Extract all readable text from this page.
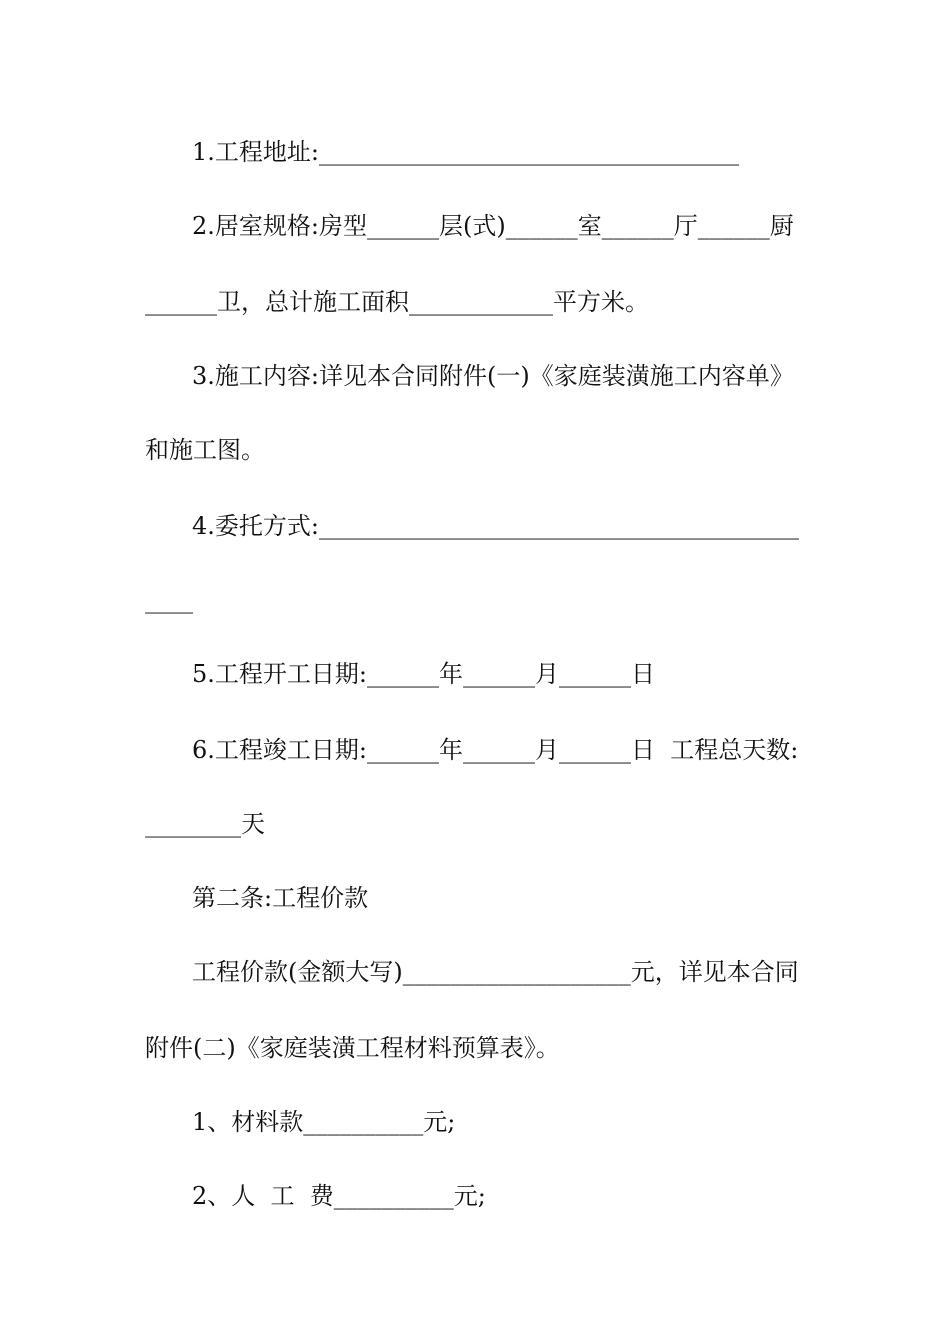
1.工程地址:___________________________________
2.居室规格:房型______层(式)______室______厅______厨
______卫，总计施工面积____________平方米。
3.施工内容:详见本合同附件(一)《家庭装潢施工内容单》
和施工图。
4.委托方式:________________________________________
____
5.工程开工日期:______年______月______日
6.工程竣工日期:______年______月______日  工程总天数:
________天
第二条:工程价款
工程价款(金额大写)___________________元，详见本合同
附件(二)《家庭装潢工程材料预算表》。
1、材料款__________元;
2、人  工  费__________元;
